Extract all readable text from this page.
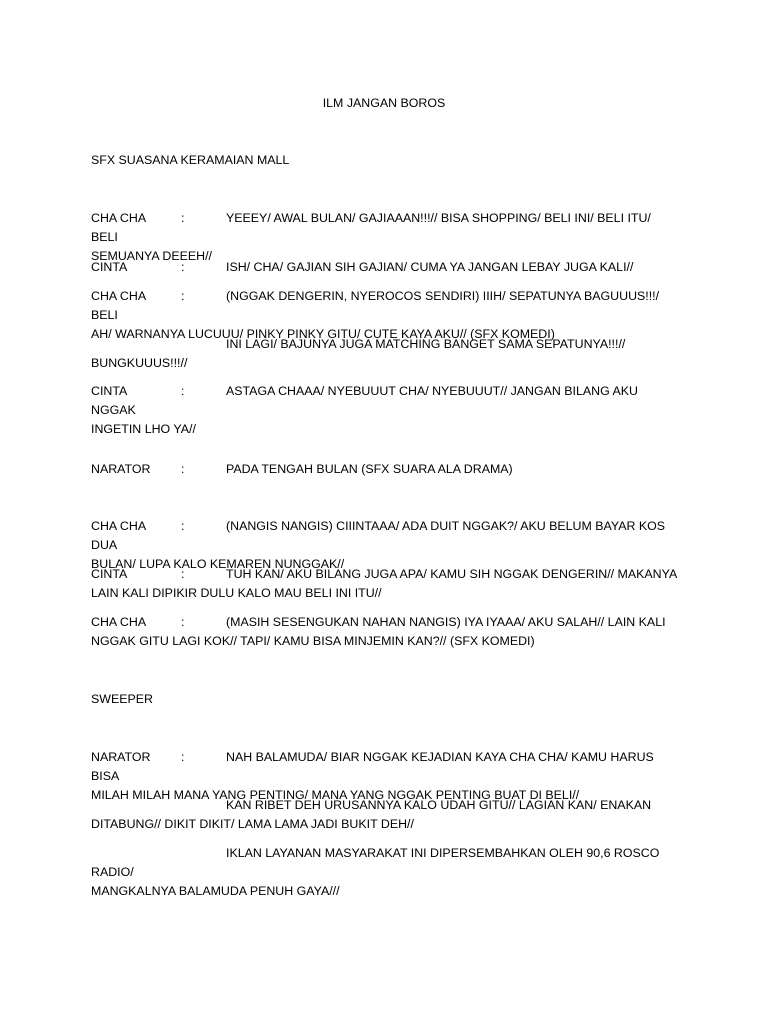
ILM JANGAN BOROS
SFX SUASANA KERAMAIAN MALL
CHA CHA	:	YEEEY/ AWAL BULAN/ GAJIAAAN!!!// BISA SHOPPING/ BELI INI/ BELI ITU/ BELI
SEMUANYA DEEEH//
CINTA	:	ISH/ CHA/ GAJIAN SIH GAJIAN/ CUMA YA JANGAN LEBAY JUGA KALI//
CHA CHA	:	(NGGAK DENGERIN, NYEROCOS SENDIRI) IIIH/ SEPATUNYA BAGUUUS!!!/ BELI
AH/ WARNANYA LUCUUU/ PINKY PINKY GITU/ CUTE KAYA AKU// (SFX KOMEDI)
INI LAGI/ BAJUNYA JUGA MATCHING BANGET SAMA SEPATUNYA!!!//
BUNGKUUUS!!!//
CINTA	:	ASTAGA CHAAA/ NYEBUUUT CHA/ NYEBUUUT// JANGAN BILANG AKU NGGAK
INGETIN LHO YA//
NARATOR :	PADA TENGAH BULAN (SFX SUARA ALA DRAMA)
CHA CHA	:	(NANGIS NANGIS) CIIINTAAA/ ADA DUIT NGGAK?/ AKU BELUM BAYAR KOS DUA
BULAN/ LUPA KALO KEMAREN NUNGGAK//
CINTA	:	TUH KAN/ AKU BILANG JUGA APA/ KAMU SIH NGGAK DENGERIN// MAKANYA
LAIN KALI DIPIKIR DULU KALO MAU BELI INI ITU//
CHA CHA	:	(MASIH SESENGUKAN NAHAN NANGIS) IYA IYAAA/ AKU SALAH// LAIN KALI
NGGAK GITU LAGI KOK// TAPI/ KAMU BISA MINJEMIN KAN?// (SFX KOMEDI)
SWEEPER
NARATOR :	NAH BALAMUDA/ BIAR NGGAK KEJADIAN KAYA CHA CHA/ KAMU HARUS BISA
MILAH MILAH MANA YANG PENTING/ MANA YANG NGGAK PENTING BUAT DI BELI//
KAN RIBET DEH URUSANNYA KALO UDAH GITU// LAGIAN KAN/ ENAKAN
DITABUNG// DIKIT DIKIT/ LAMA LAMA JADI BUKIT DEH//
IKLAN LAYANAN MASYARAKAT INI DIPERSEMBAHKAN OLEH 90,6 ROSCO RADIO/
MANGKALNYA BALAMUDA PENUH GAYA///
